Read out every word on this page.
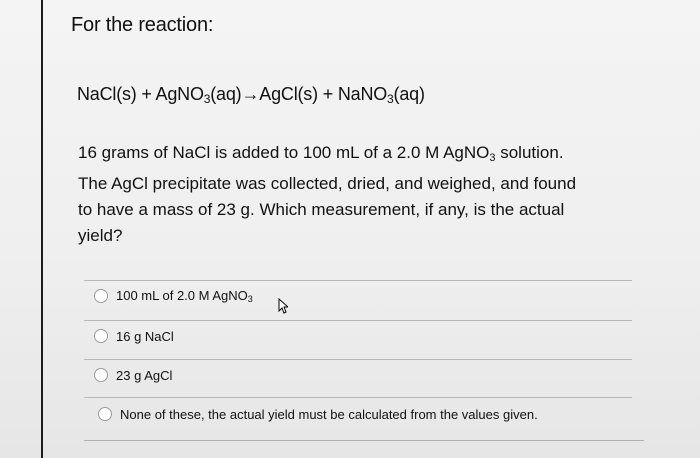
For the reaction:
NaCl(s) + AgNO$_3$(aq)→AgCl(s) + NaNO$_3$(aq)
16 grams of NaCl is added to 100 mL of a 2.0 M AgNO$_3$ solution.
The AgCl precipitate was collected, dried, and weighed, and found
to have a mass of 23 g. Which measurement, if any, is the actual
yield?
100 mL of 2.0 M AgNO$_3$
16 g NaCl
23 g AgCl
None of these, the actual yield must be calculated from the values given.
